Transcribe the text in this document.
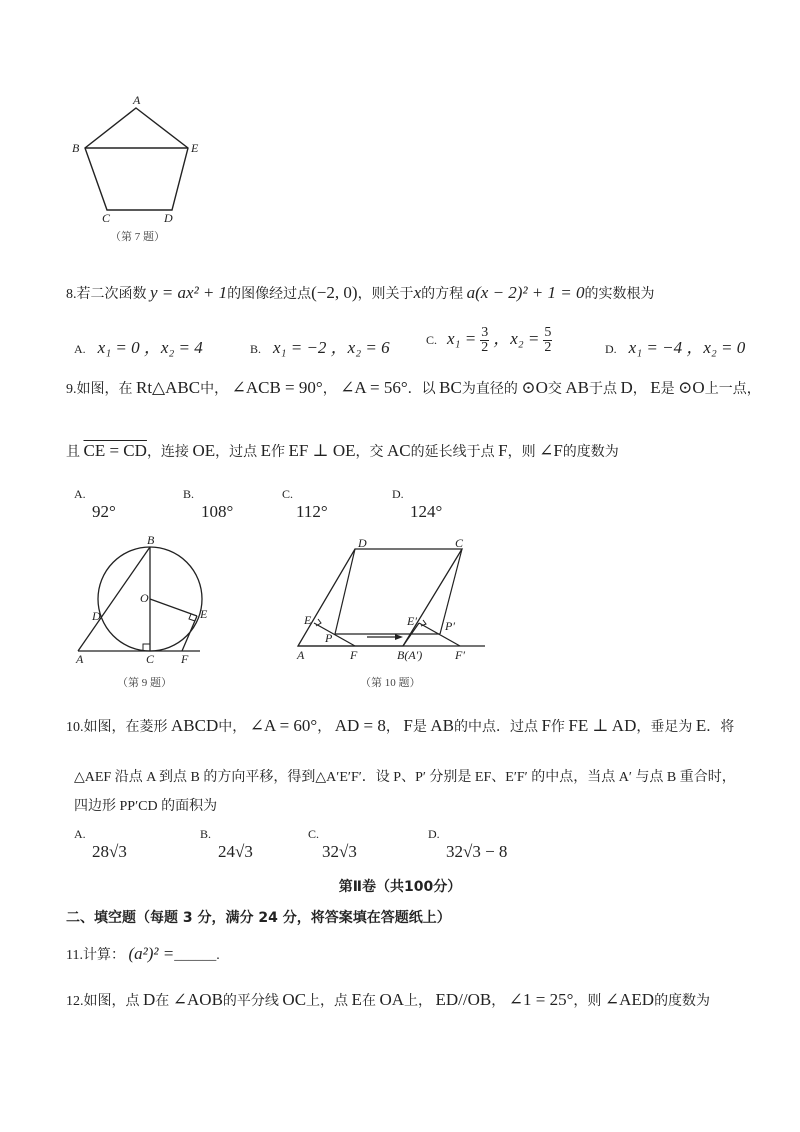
A
B	E
C	D
（第 7 题）
8.若二次函数 y = ax² + 1的图像经过点(−2, 0)，则关于x的方程 a(x − 2)² + 1 = 0的实数根为
A. x₁ = 0 ，x₂ = 4	B. x₁ = −2 ，x₂ = 6	C. $x_1 = \frac{3}{2}$ ，$x_2 = \frac{5}{2}$	D. x₁ = −4 ，x₂ = 0
9.如图，在 Rt△ABC中， ∠ACB = 90°， ∠A = 56°．以 BC为直径的 ⊙O交 AB于点 D， E是 ⊙O上一点，
且 CE = CD，连接 OE，过点 E作 EF ⊥ OE，交 AC的延长线于点 F，则 ∠F的度数为
A.
92°
B.
108°
C.
112°
D.
124°
B
O
D	E
A	C F
（第 9 题）
D	C
E
P
E′ P′
A	F	B(A′)	F′
（第 10 题）
10.如图，在菱形 ABCD中， ∠A = 60°， AD = 8， F是 AB的中点．过点 F作 FE ⊥ AD，垂足为 E．将
△AEF 沿点 A 到点 B 的方向平移，得到△A′E′F′．设 P、P′ 分别是 EF、E′F′ 的中点，当点 A′ 与点 B 重合时，
四边形 PP′CD 的面积为
A.
28√3
B.
24√3
C.
32√3
D.
32√3 − 8
第Ⅱ卷（共100分）
二、填空题（每题 3 分，满分 24 分，将答案填在答题纸上）
11.计算： (a²)² =______.
12.如图，点 D在 ∠AOB的平分线 OC上，点 E在 OA上， ED//OB， ∠1 = 25°，则 ∠AED的度数为
